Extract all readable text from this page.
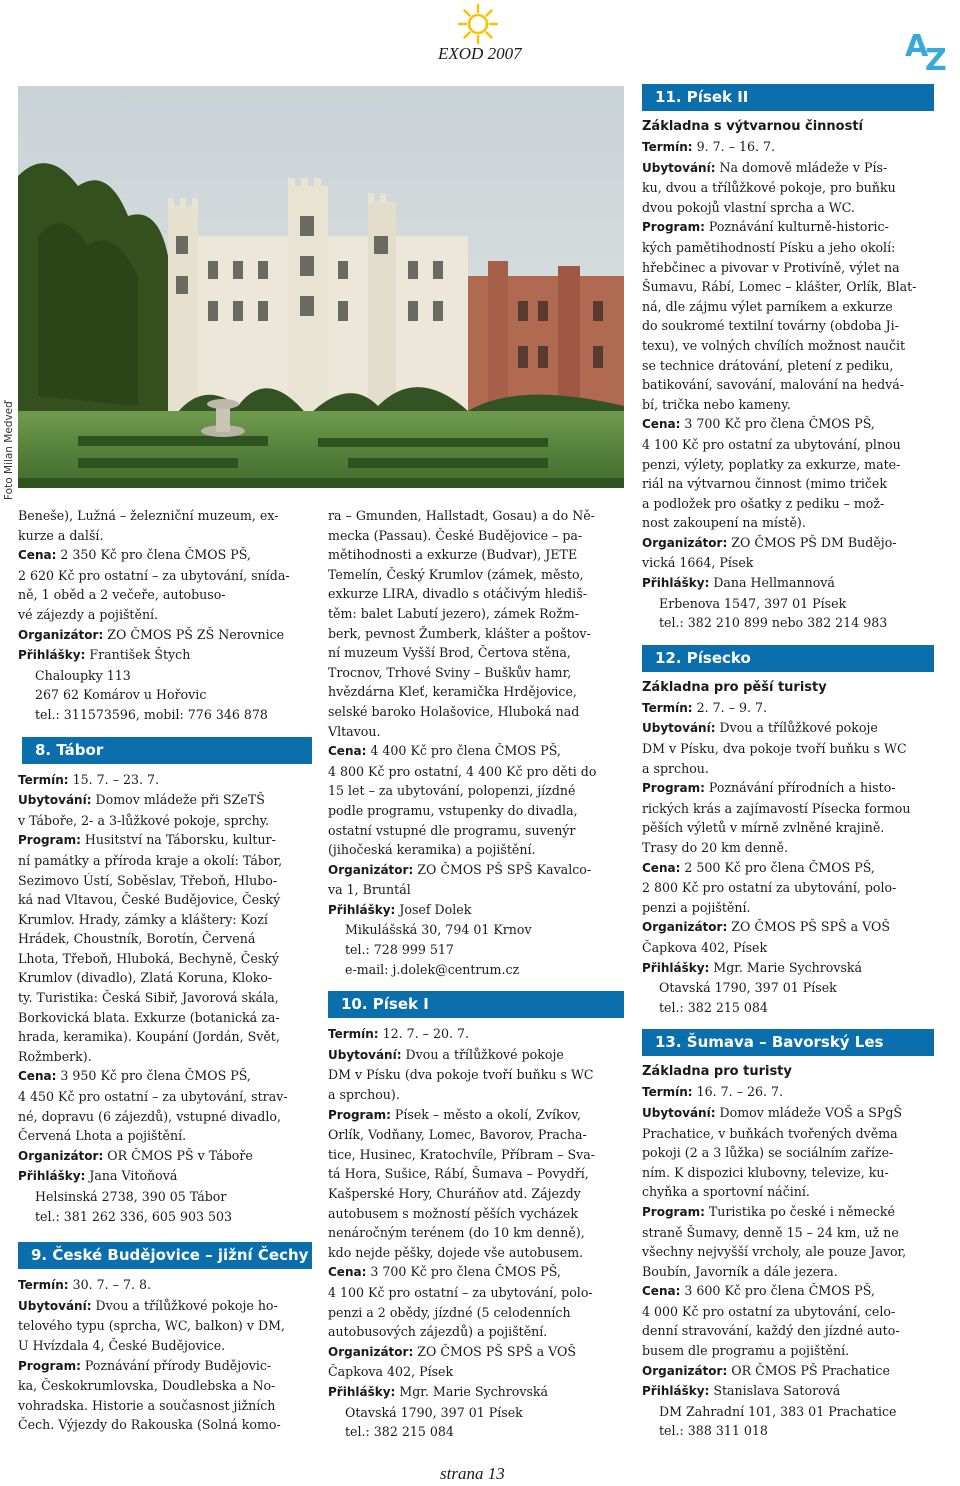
EXOD 2007	A
Z
Foto Milan Medveď

Beneše), Lužná – železniční muzeum, ex-

kurze a další.

Cena: 2 350 Kč pro člena ČMOS PŠ,

2 620 Kč pro ostatní – za ubytování, snída-

ně, 1 oběd a 2 večeře, autobuso-

vé zájezdy a pojištění.

Organizátor: ZO ČMOS PŠ ZŠ Nerovnice

Přihlášky: František Štych

Chaloupky 113

267 62 Komárov u Hořovic

tel.: 311573596, mobil: 776 346 878

8. Tábor

Termín: 15. 7. – 23. 7.

Ubytování: Domov mládeže při SZeTŠ

v Táboře, 2- a 3-lůžkové pokoje, sprchy.

Program: Husitství na Táborsku, kultur-

ní památky a příroda kraje a okolí: Tábor,

Sezimovo Ústí, Soběslav, Třeboň, Hlubo-

ká nad Vltavou, České Budějovice, Český

Krumlov. Hrady, zámky a kláštery: Kozí

Hrádek, Choustník, Borotín, Červená

Lhota, Třeboň, Hluboká, Bechyně, Český

Krumlov (divadlo), Zlatá Koruna, Kloko-

ty. Turistika: Česká Sibiř, Javorová skála,

Borkovická blata. Exkurze (botanická za-

hrada, keramika). Koupání (Jordán, Svět,

Rožmberk).

Cena: 3 950 Kč pro člena ČMOS PŠ,

4 450 Kč pro ostatní – za ubytování, strav-

né, dopravu (6 zájezdů), vstupné divadlo,

Červená Lhota a pojištění.

Organizátor: OR ČMOS PŠ v Táboře

Přihlášky: Jana Vitoňová

Helsinská 2738, 390 05 Tábor

tel.: 381 262 336, 605 903 503

9. České Budějovice – jižní Čechy

Termín: 30. 7. – 7. 8.

Ubytování: Dvou a třílůžkové pokoje ho-

telového typu (sprcha, WC, balkon) v DM,

U Hvízdala 4, České Budějovice.

Program: Poznávání přírody Budějovic-

ka, Českokrumlovska, Doudlebska a No-

vohradska. Historie a současnost jižních

Čech. Výjezdy do Rakouska (Solná komo-

ra – Gmunden, Hallstadt, Gosau) a do Ně-

mecka (Passau). České Budějovice – pa-

mětihodnosti a exkurze (Budvar), JETE

Temelín, Český Krumlov (zámek, město,

exkurze LIRA, divadlo s otáčivým hlediš-

těm: balet Labutí jezero), zámek Rožm-

berk, pevnost Žumberk, klášter a poštov-

ní muzeum Vyšší Brod, Čertova stěna,

Trocnov, Trhové Sviny – Buškův hamr,

hvězdárna Kleť, keramička Hrdějovice,

selské baroko Holašovice, Hluboká nad

Vltavou.

Cena: 4 400 Kč pro člena ČMOS PŠ,

4 800 Kč pro ostatní, 4 400 Kč pro děti do

15 let – za ubytování, polopenzi, jízdné

podle programu, vstupenky do divadla,

ostatní vstupné dle programu, suvenýr

(jihočeská keramika) a pojištění.

Organizátor: ZO ČMOS PŠ SPŠ Kavalco-

va 1, Bruntál

Přihlášky: Josef Dolek

Mikulášská 30, 794 01 Krnov

tel.: 728 999 517

e-mail: j.dolek@centrum.cz

10. Písek I

Termín: 12. 7. – 20. 7.

Ubytování: Dvou a třílůžkové pokoje

DM v Písku (dva pokoje tvoří buňku s WC

a sprchou).

Program: Písek – město a okolí, Zvíkov,

Orlík, Vodňany, Lomec, Bavorov, Pracha-

tice, Husinec, Kratochvíle, Příbram – Sva-

tá Hora, Sušice, Rábí, Šumava – Povydří,

Kašperské Hory, Churáňov atd. Zájezdy

autobusem s možností pěších vycházek

nenáročným terénem (do 10 km denně),

kdo nejde pěšky, dojede vše autobusem.

Cena: 3 700 Kč pro člena ČMOS PŠ,

4 100 Kč pro ostatní – za ubytování, polo-

penzi a 2 obědy, jízdné (5 celodenních

autobusových zájezdů) a pojištění.

Organizátor: ZO ČMOS PŠ SPŠ a VOŠ

Čapkova 402, Písek

Přihlášky: Mgr. Marie Sychrovská

Otavská 1790, 397 01 Písek

tel.: 382 215 084

11. Písek II

Základna s výtvarnou činností

Termín: 9. 7. – 16. 7.

Ubytování: Na domově mládeže v Pís-

ku, dvou a třílůžkové pokoje, pro buňku

dvou pokojů vlastní sprcha a WC.

Program: Poznávání kulturně-historic-

kých pamětihodností Písku a jeho okolí:

hřebčinec a pivovar v Protivíně, výlet na

Šumavu, Rábí, Lomec – klášter, Orlík, Blat-

ná, dle zájmu výlet parníkem a exkurze

do soukromé textilní továrny (obdoba Ji-

texu), ve volných chvílích možnost naučit

se technice drátování, pletení z pediku,

batikování, savování, malování na hedvá-

bí, trička nebo kameny.

Cena: 3 700 Kč pro člena ČMOS PŠ,

4 100 Kč pro ostatní za ubytování, plnou

penzi, výlety, poplatky za exkurze, mate-

riál na výtvarnou činnost (mimo triček

a podložek pro ošatky z pediku – mož-

nost zakoupení na místě).

Organizátor: ZO ČMOS PŠ DM Budějo-

vická 1664, Písek

Přihlášky: Dana Hellmannová

Erbenova 1547, 397 01 Písek

tel.: 382 210 899 nebo 382 214 983

12. Písecko

Základna pro pěší turisty

Termín: 2. 7. – 9. 7.

Ubytování: Dvou a třílůžkové pokoje

DM v Písku, dva pokoje tvoří buňku s WC

a sprchou.

Program: Poznávání přírodních a histo-

rických krás a zajímavostí Písecka formou

pěších výletů v mírně zvlněné krajině.

Trasy do 20 km denně.

Cena: 2 500 Kč pro člena ČMOS PŠ,

2 800 Kč pro ostatní za ubytování, polo-

penzi a pojištění.

Organizátor: ZO ČMOS PŠ SPŠ a VOŠ

Čapkova 402, Písek

Přihlášky: Mgr. Marie Sychrovská

Otavská 1790, 397 01 Písek

tel.: 382 215 084

13. Šumava – Bavorský Les

Základna pro turisty

Termín: 16. 7. – 26. 7.

Ubytování: Domov mládeže VOŠ a SPgŠ

Prachatice, v buňkách tvořených dvěma

pokoji (2 a 3 lůžka) se sociálním zaříze-

ním. K dispozici klubovny, televize, ku-

chyňka a sportovní náčiní.

Program: Turistika po české i německé

straně Šumavy, denně 15 – 24 km, už ne

všechny nejvyšší vrcholy, ale pouze Javor,

Boubín, Javorník a dále jezera.

Cena: 3 600 Kč pro člena ČMOS PŠ,

4 000 Kč pro ostatní za ubytování, celo-

denní stravování, každý den jízdné auto-

busem dle programu a pojištění.

Organizátor: OR ČMOS PŠ Prachatice

Přihlášky: Stanislava Satorová

DM Zahradní 101, 383 01 Prachatice

tel.: 388 311 018

strana 13
